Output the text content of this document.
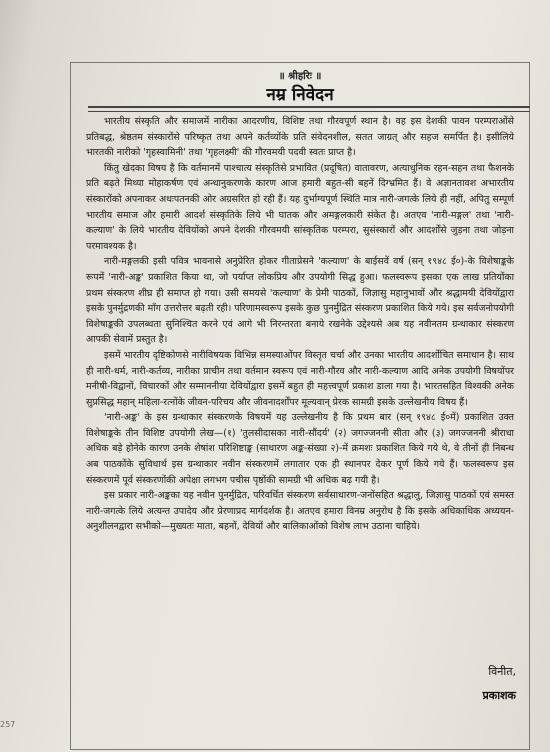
॥ श्रीहरिः ॥
नम्र निवेदन

भारतीय संस्कृति और समाजमें नारीका आदरणीय, विशिष्ट तथा गौरवपूर्ण स्थान है। वह इस देशकी पावन परम्पराओंसे प्रतिबद्ध, श्रेष्ठतम संस्कारोंसे परिष्कृत तथा अपने कर्तव्योंके प्रति संवेदनशील, सतत जाग्रत् और सहज समर्पित है। इसीलिये भारतकी नारीको 'गृहस्वामिनी' तथा 'गृहलक्ष्मी' की गौरवमयी पदवी स्वतः प्राप्त है।

किंतु खेदका विषय है कि वर्तमानमें पाश्चात्य संस्कृतिसे प्रभावित (प्रदूषित) वातावरण, अत्याधुनिक रहन-सहन तथा फैशनके प्रति बढ़ते मिथ्या मोहाकर्षण एवं अन्धानुकरणके कारण आज हमारी बहुत-सी बहनें दिग्भ्रमित हैं। वे अज्ञानतावश अभारतीय संस्कारोंको अपनाकर अधःपतनकी ओर अग्रसरित हो रही हैं। यह दुर्भाग्यपूर्ण स्थिति मात्र नारी-जगत्के लिये ही नहीं, अपितु सम्पूर्ण भारतीय समाज और हमारी आदर्श संस्कृतिके लिये भी घातक और अमङ्गलकारी संकेत है। अतएव 'नारी-मङ्गल' तथा 'नारी-कल्याण' के लिये भारतीय देवियोंको अपने देशकी गौरवमयी सांस्कृतिक परम्परा, सुसंस्कारों और आदर्शोंसे जुड़ना तथा जोड़ना परमावश्यक है।

नारी-मङ्गलकी इसी पवित्र भावनासे अनुप्रेरित होकर गीताप्रेसने 'कल्याण' के बाईसवें वर्ष (सन् १९४८ ई०)-के विशेषाङ्कके रूपमें 'नारी-अङ्क' प्रकाशित किया था, जो पर्याप्त लोकप्रिय और उपयोगी सिद्ध हुआ। फलस्वरूप इसका एक लाख प्रतियोंका प्रथम संस्करण शीघ्र ही समाप्त हो गया। उसी समयसे 'कल्याण' के प्रेमी पाठकों, जिज्ञासु महानुभावों और श्रद्धामयी देवियोंद्वारा इसके पुनर्मुद्रणकी माँग उत्तरोत्तर बढ़ती रही। परिणामस्वरूप इसके कुछ पुनर्मुद्रित संस्करण प्रकाशित किये गये। इस सर्वजनोपयोगी विशेषाङ्ककी उपलब्धता सुनिश्चित करने एवं आगे भी निरन्तरता बनाये रखनेके उद्देश्यसे अब यह नवीनतम ग्रन्थाकार संस्करण आपकी सेवामें प्रस्तुत है।

इसमें भारतीय दृष्टिकोणसे नारीविषयक विभिन्न समस्याओंपर विस्तृत चर्चा और उनका भारतीय आदर्शोचित समाधान है। साथ ही नारी-धर्म, नारी-कर्तव्य, नारीका प्राचीन तथा वर्तमान स्वरूप एवं नारी-गौरव और नारी-कल्याण आदि अनेक उपयोगी विषयोंपर मनीषी-विद्वानों, विचारकों और सम्माननीया देवियोंद्वारा इसमें बहुत ही महत्त्वपूर्ण प्रकाश डाला गया है। भारतसहित विश्वकी अनेक सुप्रसिद्ध महान् महिला-रत्नोंके जीवन-परिचय और जीवनादर्शोंपर मूल्यवान् प्रेरक सामग्री इसके उल्लेखनीय विषय हैं।

'नारी-अङ्क' के इस ग्रन्थाकार संस्करणके विषयमें यह उल्लेखनीय है कि प्रथम बार (सन् १९४८ ई०में) प्रकाशित उक्त विशेषाङ्कके तीन विशिष्ट उपयोगी लेख—(१) 'तुलसीदासका नारी-सौंदर्य' (२) जगज्जननी सीता और (३) जगज्जननी श्रीराधा अधिक बड़े होनेके कारण उनके शेषांश परिशिष्टाङ्क (साधारण अङ्क-संख्या २)-में क्रमशः प्रकाशित किये गये थे, वे तीनों ही निबन्ध अब पाठकोंके सुविधार्थ इस ग्रन्थाकार नवीन संस्करणमें लगातार एक ही स्थानपर देकर पूर्ण किये गये हैं। फलस्वरूप इस संस्करणमें पूर्व संस्करणोंकी अपेक्षा लगभग पचीस पृष्ठोंकी सामग्री भी अधिक बढ़ गयी है।

इस प्रकार नारी-अङ्कका यह नवीन पुनर्मुद्रित, परिवर्धित संस्करण सर्वसाधारण-जनोंसहित श्रद्धालु, जिज्ञासु पाठकों एवं समस्त नारी-जगत्के लिये अत्यन्त उपादेय और प्रेरणाप्रद मार्गदर्शक है। अतएव हमारा विनम्र अनुरोध है कि इसके अधिकाधिक अध्ययन-अनुशीलनद्वारा सभीको—मुख्यतः माता, बहनों, देवियों और बालिकाओंको विशेष लाभ उठाना चाहिये।

विनीत,
प्रकाशक
257
